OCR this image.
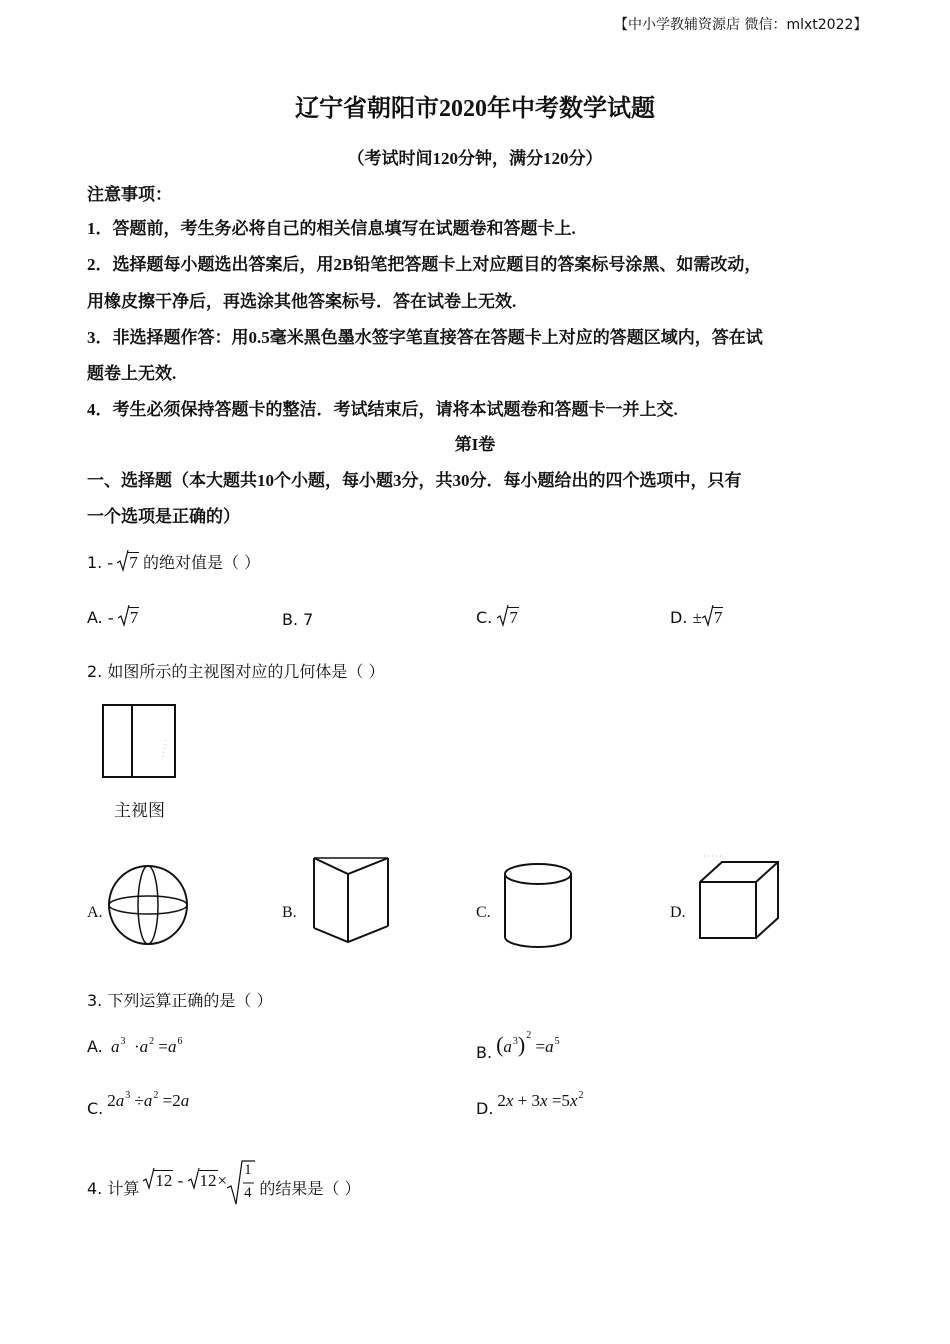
【中小学教辅资源店 微信：mlxt2022】
辽宁省朝阳市2020年中考数学试题
（考试时间120分钟，满分120分）
注意事项：
1．答题前，考生务必将自己的相关信息填写在试题卷和答题卡上.
2．选择题每小题选出答案后，用2B铅笔把答题卡上对应题目的答案标号涂黑、如需改动，
用橡皮擦干净后，再选涂其他答案标号．答在试卷上无效.
3．非选择题作答：用0.5毫米黑色墨水签字笔直接答在答题卡上对应的答题区域内，答在试
题卷上无效.
4．考生必须保持答题卡的整洁．考试结束后，请将本试题卷和答题卡一并上交.
第I卷
一、选择题（本大题共10个小题，每小题3分，共30分．每小题给出的四个选项中，只有
一个选项是正确的）
1. - 7 的绝对值是（ ）
A. - 7	B. 7	C. 7	D. ± 7
2. 如图所示的主视图对应的几何体是（ ）
主视图
A.	B.	C.	D.
3. 下列运算正确的是（ ）
A.  $a^3 \cdot a^2 =a^6$
B. $(a^3)^2 =a^5$
C. $2a^3 \div a^2 =2a$	D. $2x + 3x =5x^2$
4. 计算 12 - 12×
1
4 的结果是（ ）
